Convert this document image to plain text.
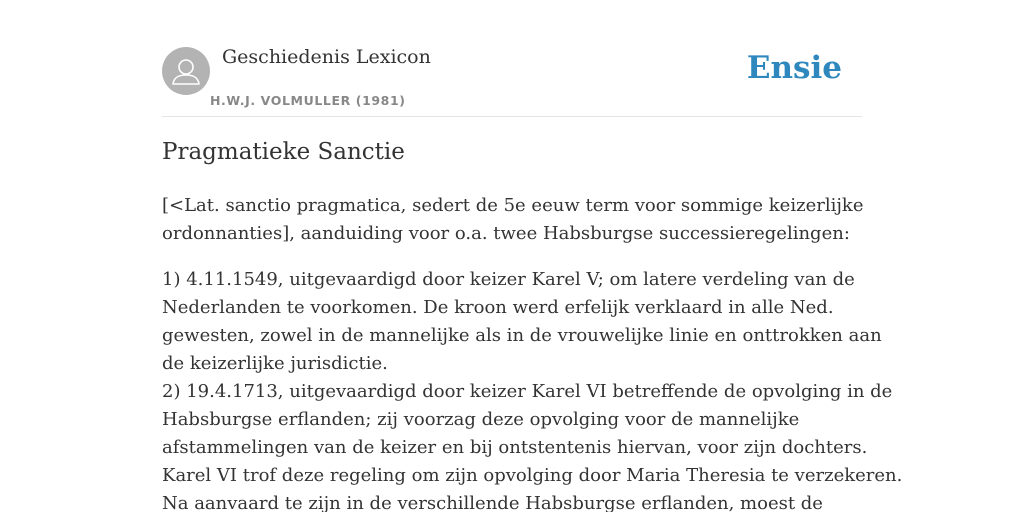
Geschiedenis Lexicon
H.W.J. VOLMULLER (1981)
Ensie
Pragmatieke Sanctie

[<Lat. sanctio pragmatica, sedert de 5e eeuw term voor sommige keizerlijke
ordonnanties], aanduiding voor o.a. twee Habsburgse successieregelingen:

1) 4.11.1549, uitgevaardigd door keizer Karel V; om latere verdeling van de
Nederlanden te voorkomen. De kroon werd erfelijk verklaard in alle Ned.
gewesten, zowel in de mannelijke als in de vrouwelijke linie en onttrokken aan
de keizerlijke jurisdictie.
2) 19.4.1713, uitgevaardigd door keizer Karel VI betreffende de opvolging in de
Habsburgse erflanden; zij voorzag deze opvolging voor de mannelijke
afstammelingen van de keizer en bij ontstentenis hiervan, voor zijn dochters.
Karel VI trof deze regeling om zijn opvolging door Maria Theresia te verzekeren.
Na aanvaard te zijn in de verschillende Habsburgse erflanden, moest de
